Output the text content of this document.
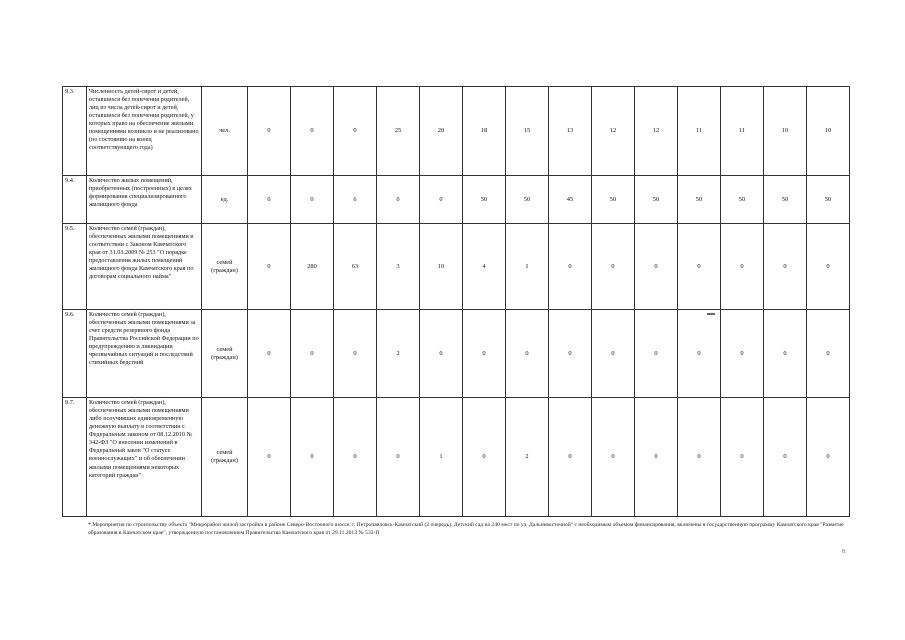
9.3.	Численность детей-сирот и детей, оставшихся без попечения родителей, лиц из числа детей-сирот и детей, оставшихся без попечения родителей, у которых право на обеспечение жилыми помещениями возникло и не реализовано (по состоянию на конец соответствующего года)	чел.	0	0	0	25	20	18	15	13	12	12	11	11	10	10
9.4.	Количество жилых помещений, приобретенных (построенных) в целях формирования специализированного жилищного фонда	ед.	0	0	6	0	0	50	50	45	50	50	50	50	50	50
9.5.	Количество семей (граждан), обеспеченных жилыми помещениями в соответствии с Законом Камчатского края от 31.03.2009 № 253 "О порядке предоставления жилых помещений жилищного фонда Камчатского края по договорам социального найма"	семей (граждан)	0	280	63	3	10	4	1	0	0	0	0	0	0	0
9.6.	Количество семей (граждан), обеспеченных жилыми помещениями за счет средств резервного фонда Правительства Российской Федерации по предупреждению и ликвидации чрезвычайных ситуаций и последствий стихийных бедствий	семей (граждан)	0	0	0	2	0	0	0	0	0	0	0	0	0	0
9.7.	Количество семей (граждан), обеспеченных жилыми помещениями либо получивших единовременную денежную выплату в соответствии с Федеральным законом от 08.12.2010 № 342-ФЗ "О внесении изменений в Федеральный закон "О статусе военнослужащих" и об обеспечении жилыми помещениями некоторых категорий граждан"	семей (граждан)	0	0	0	0	1	0	2	0	0	0	0	0	0	0
* Мероприятия по строительству объекта "Микрорайон жилой застройки в районе Северо-Восточного шоссе, г. Петропавловск-Камчатский (2 очередь). Детский сад на 240 мест по ул. Дальневосточной" с необходимым объемом финансирования, включены в государственную программу Камчатского края "Развитие образования в Камчатском крае", утвержденную постановлением Правительства Камчатского края от 29.11.2013 № 532-П
8
